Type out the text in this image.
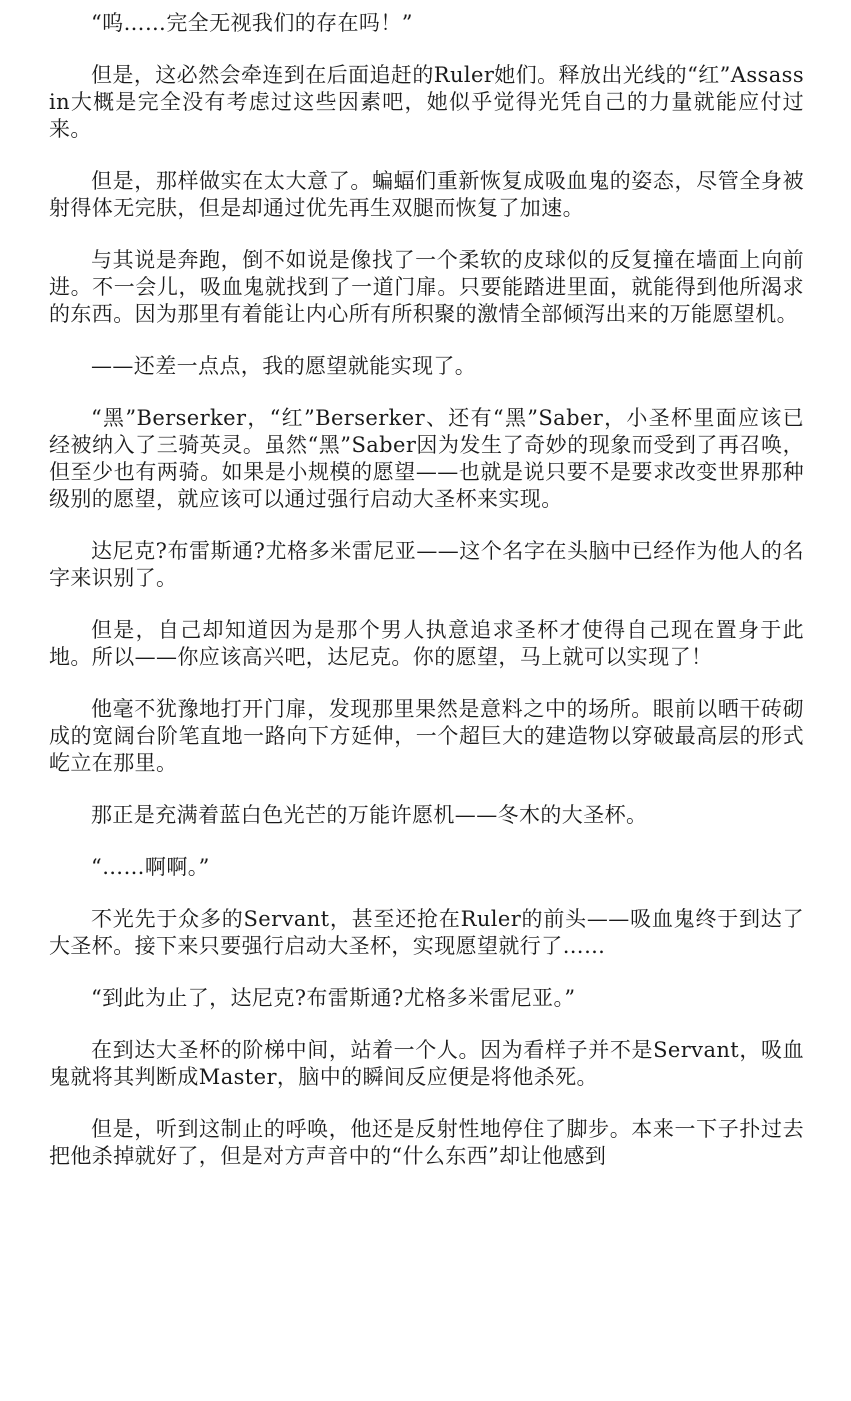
“呜……完全无视我们的存在吗！”

但是，这必然会牵连到在后面追赶的Ruler她们。释放出光线的“红”Assassin大概是完全没有考虑过这些因素吧，她似乎觉得光凭自己的力量就能应付过来。

但是，那样做实在太大意了。蝙蝠们重新恢复成吸血鬼的姿态，尽管全身被射得体无完肤，但是却通过优先再生双腿而恢复了加速。

与其说是奔跑，倒不如说是像找了一个柔软的皮球似的反复撞在墙面上向前进。不一会儿，吸血鬼就找到了一道门扉。只要能踏进里面，就能得到他所渴求的东西。因为那里有着能让内心所有所积聚的激情全部倾泻出来的万能愿望机。

——还差一点点，我的愿望就能实现了。

“黑”Berserker，“红”Berserker、还有“黑”Saber，小圣杯里面应该已经被纳入了三骑英灵。虽然“黑”Saber因为发生了奇妙的现象而受到了再召唤，但至少也有两骑。如果是小规模的愿望——也就是说只要不是要求改变世界那种级别的愿望，就应该可以通过强行启动大圣杯来实现。

达尼克?布雷斯通?尤格多米雷尼亚——这个名字在头脑中已经作为他人的名字来识别了。

但是，自己却知道因为是那个男人执意追求圣杯才使得自己现在置身于此地。所以——你应该高兴吧，达尼克。你的愿望，马上就可以实现了！

他毫不犹豫地打开门扉，发现那里果然是意料之中的场所。眼前以晒干砖砌成的宽阔台阶笔直地一路向下方延伸，一个超巨大的建造物以穿破最高层的形式屹立在那里。

那正是充满着蓝白色光芒的万能许愿机——冬木的大圣杯。

“……啊啊。”

不光先于众多的Servant，甚至还抢在Ruler的前头——吸血鬼终于到达了大圣杯。接下来只要强行启动大圣杯，实现愿望就行了……

“到此为止了，达尼克?布雷斯通?尤格多米雷尼亚。”

在到达大圣杯的阶梯中间，站着一个人。因为看样子并不是Servant，吸血鬼就将其判断成Master，脑中的瞬间反应便是将他杀死。

但是，听到这制止的呼唤，他还是反射性地停住了脚步。本来一下子扑过去把他杀掉就好了，但是对方声音中的“什么东西”却让他感到
